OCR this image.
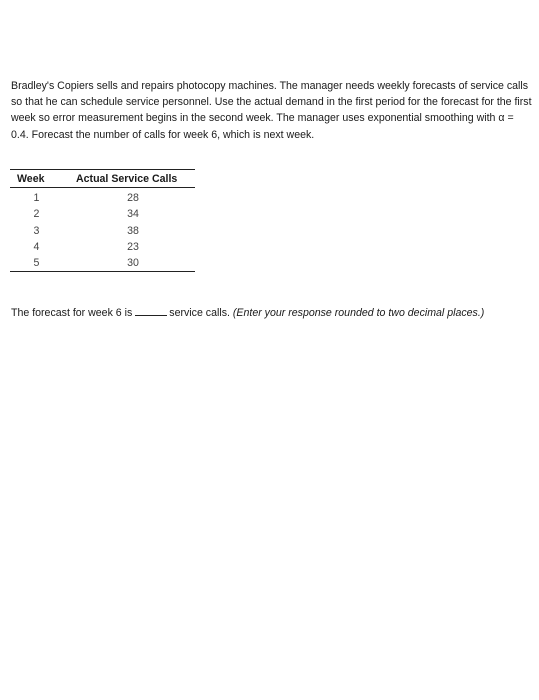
Bradley's Copiers sells and repairs photocopy machines. The manager needs weekly forecasts of service calls so that he can schedule service personnel. Use the actual demand in the first period for the forecast for the first week so error measurement begins in the second week. The manager uses exponential smoothing with α = 0.4. Forecast the number of calls for week 6, which is next week.

Week	Actual Service Calls
1	28
2	34
3	38
4	23
5	30
The forecast for week 6 is	service calls. (Enter your response rounded to two decimal places.)
